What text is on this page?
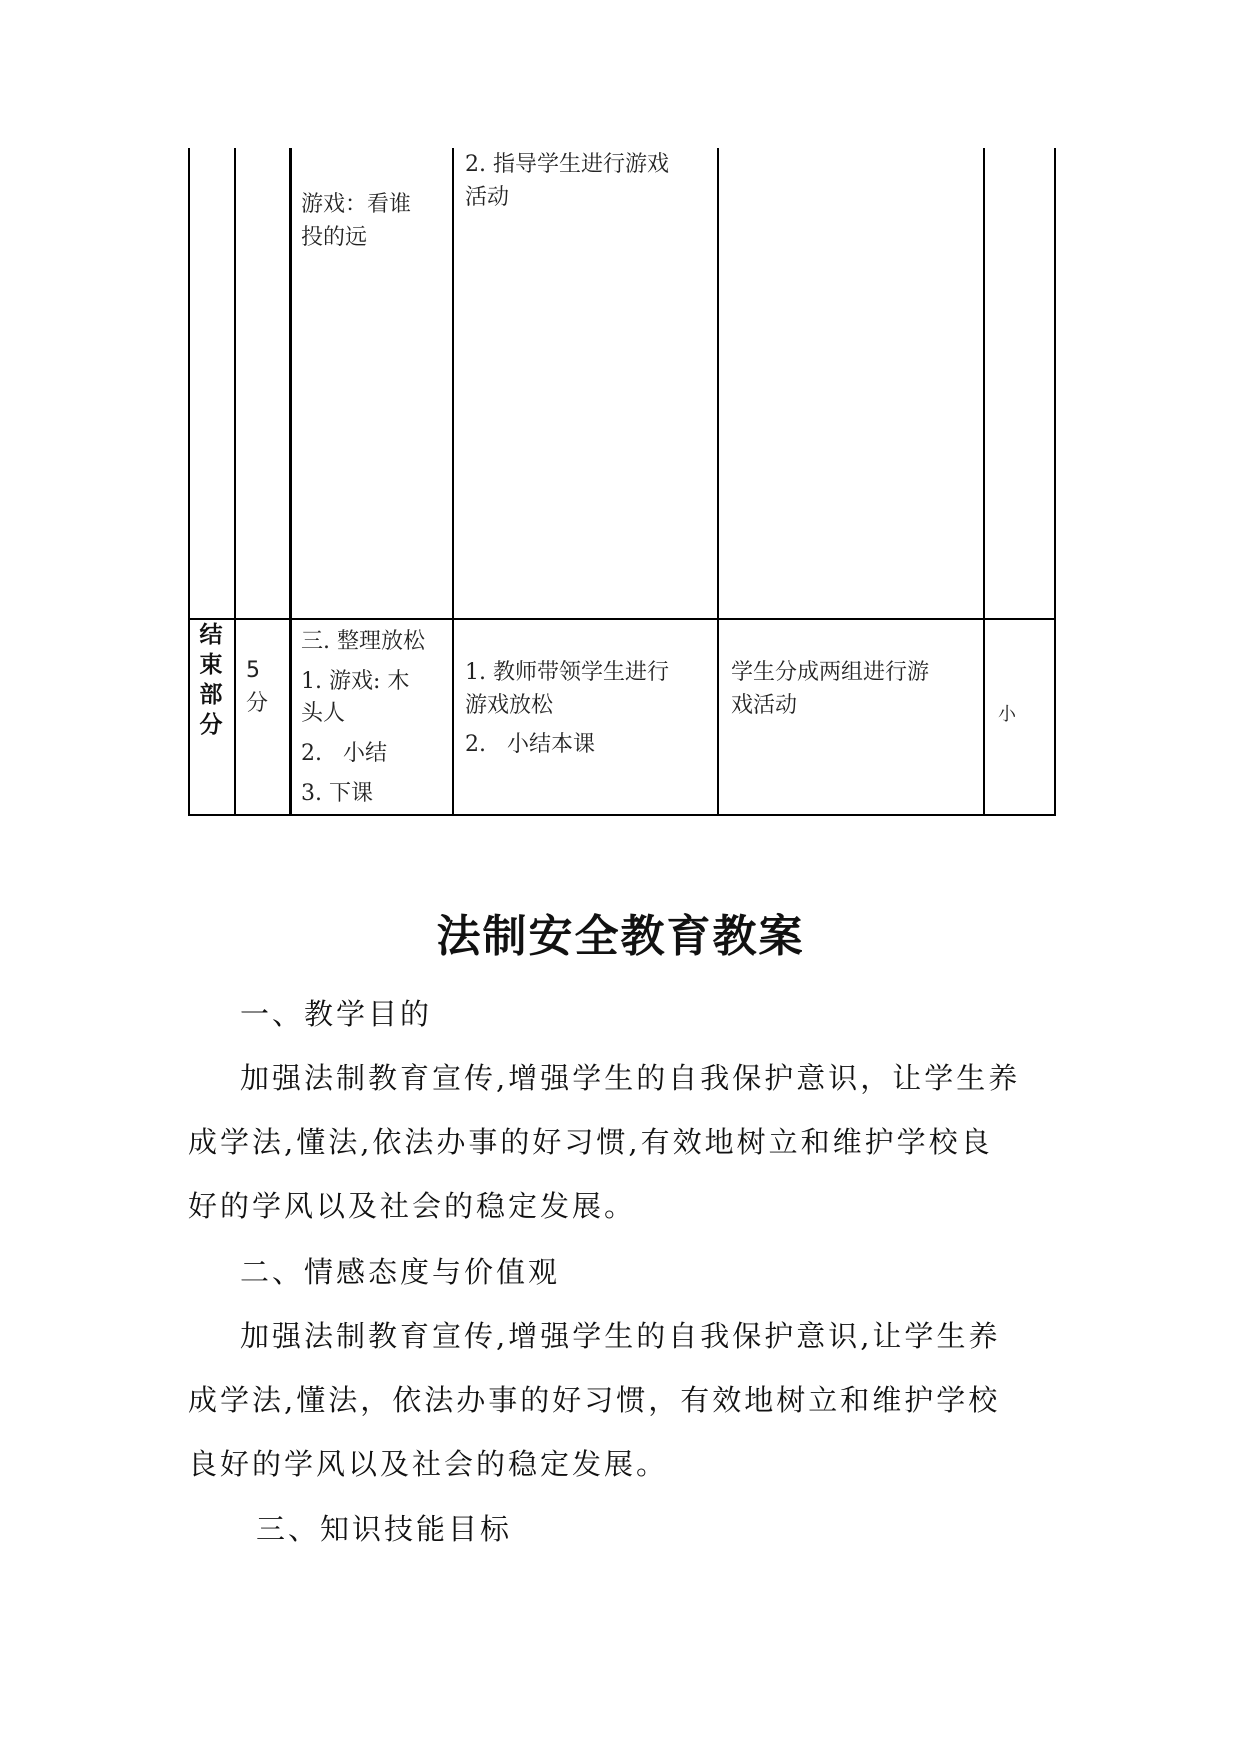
游戏：看谁
投的远
2. 指导学生进行游戏
活动
结
束
部
分
5
分
三. 整理放松
1. 游戏: 木
头人
2.   小结
3. 下课
1. 教师带领学生进行
游戏放松
2.   小结本课
学生分成两组进行游
戏活动	小
法制安全教育教案
一、教学目的
加强法制教育宣传,增强学生的自我保护意识，让学生养
成学法,懂法,依法办事的好习惯,有效地树立和维护学校良
好的学风以及社会的稳定发展。
二、情感态度与价值观
加强法制教育宣传,增强学生的自我保护意识,让学生养
成学法,懂法，依法办事的好习惯，有效地树立和维护学校
良好的学风以及社会的稳定发展。
三、知识技能目标
